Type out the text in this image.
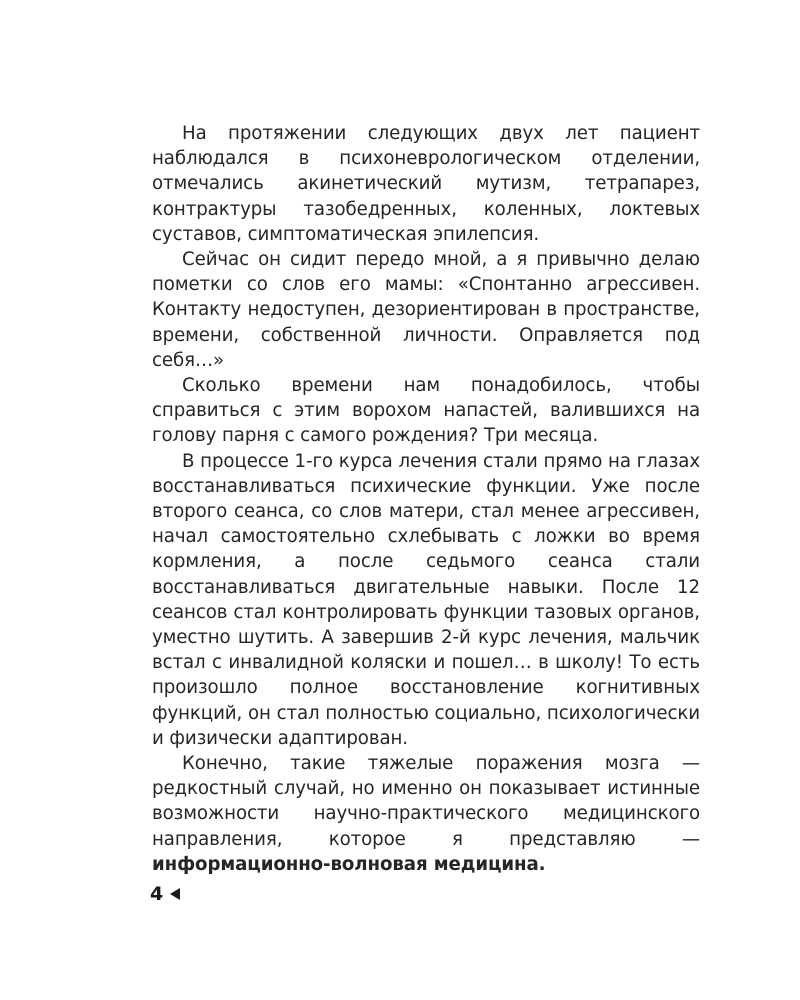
На протяжении следующих двух лет пациент наблюдался в психоневрологическом отделении, отмечались акинетический мутизм, тетрапарез, контрактуры тазобедренных, коленных, локтевых суставов, симптоматическая эпилепсия.

Сейчас он сидит передо мной, а я привычно делаю пометки со слов его мамы: «Спонтанно агрессивен. Контакту недоступен, дезориентирован в пространстве, времени, собственной личности. Оправляется под себя…»

Сколько времени нам понадобилось, чтобы справиться с этим ворохом напастей, валившихся на голову парня с самого рождения? Три месяца.

В процессе 1-го курса лечения стали прямо на глазах восстанавливаться психические функции. Уже после второго сеанса, со слов матери, стал менее агрессивен, начал самостоятельно схлебывать с ложки во время кормления, а после седьмого сеанса стали восстанавливаться двигательные навыки. После 12 сеансов стал контролировать функции тазовых органов, уместно шутить. А завершив 2-й курс лечения, мальчик встал с инвалидной коляски и пошел… в школу! То есть произошло полное восстановление когнитивных функций, он стал полностью социально, психологически и физически адаптирован.

Конечно, такие тяжелые поражения мозга — редкостный случай, но именно он показывает истинные возможности научно-практического медицинского направления, которое я представляю — информационно-волновая медицина.

4
